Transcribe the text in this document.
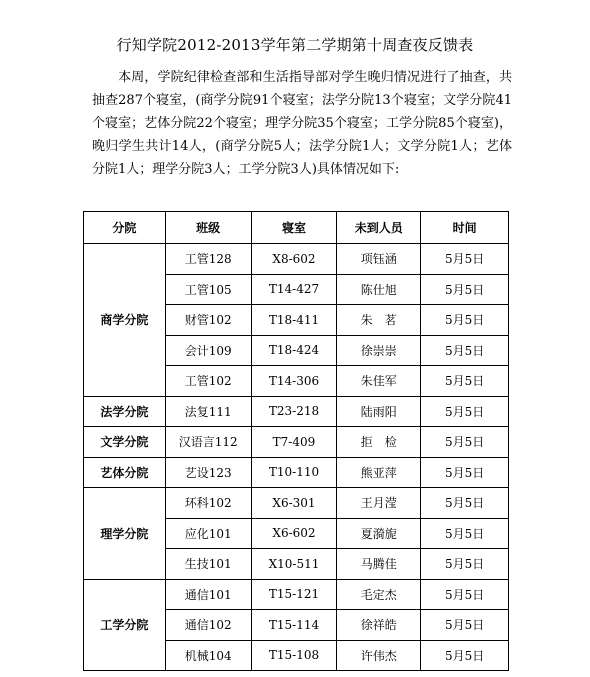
行知学院2012-2013学年第二学期第十周查夜反馈表

本周，学院纪律检查部和生活指导部对学生晚归情况进行了抽查，共抽查287个寝室，(商学分院91个寝室；法学分院13个寝室；文学分院41个寝室；艺体分院22个寝室；理学分院35个寝室；工学分院85个寝室)，晚归学生共计14人，(商学分院5人；法学分院1人；文学分院1人；艺体分院1人；理学分院3人；工学分院3人)具体情况如下:

分院	班级	寝室	未到人员	时间
商学分院	工管128	X8-602	项钰涵	5月5日
	工管105	T14-427	陈仕旭	5月5日
	财管102	T18-411	朱　茗	5月5日
	会计109	T18-424	徐崇崇	5月5日
	工管102	T14-306	朱佳军	5月5日
法学分院	法复111	T23-218	陆雨阳	5月5日
文学分院	汉语言112	T7-409	拒　检	5月5日
艺体分院	艺设123	T10-110	熊亚萍	5月5日
理学分院	环科102	X6-301	王月滢	5月5日
	应化101	X6-602	夏漪旎	5月5日
	生技101	X10-511	马腾佳	5月5日
工学分院	通信101	T15-121	毛定杰	5月5日
	通信102	T15-114	徐祥皓	5月5日
	机械104	T15-108	许伟杰	5月5日
